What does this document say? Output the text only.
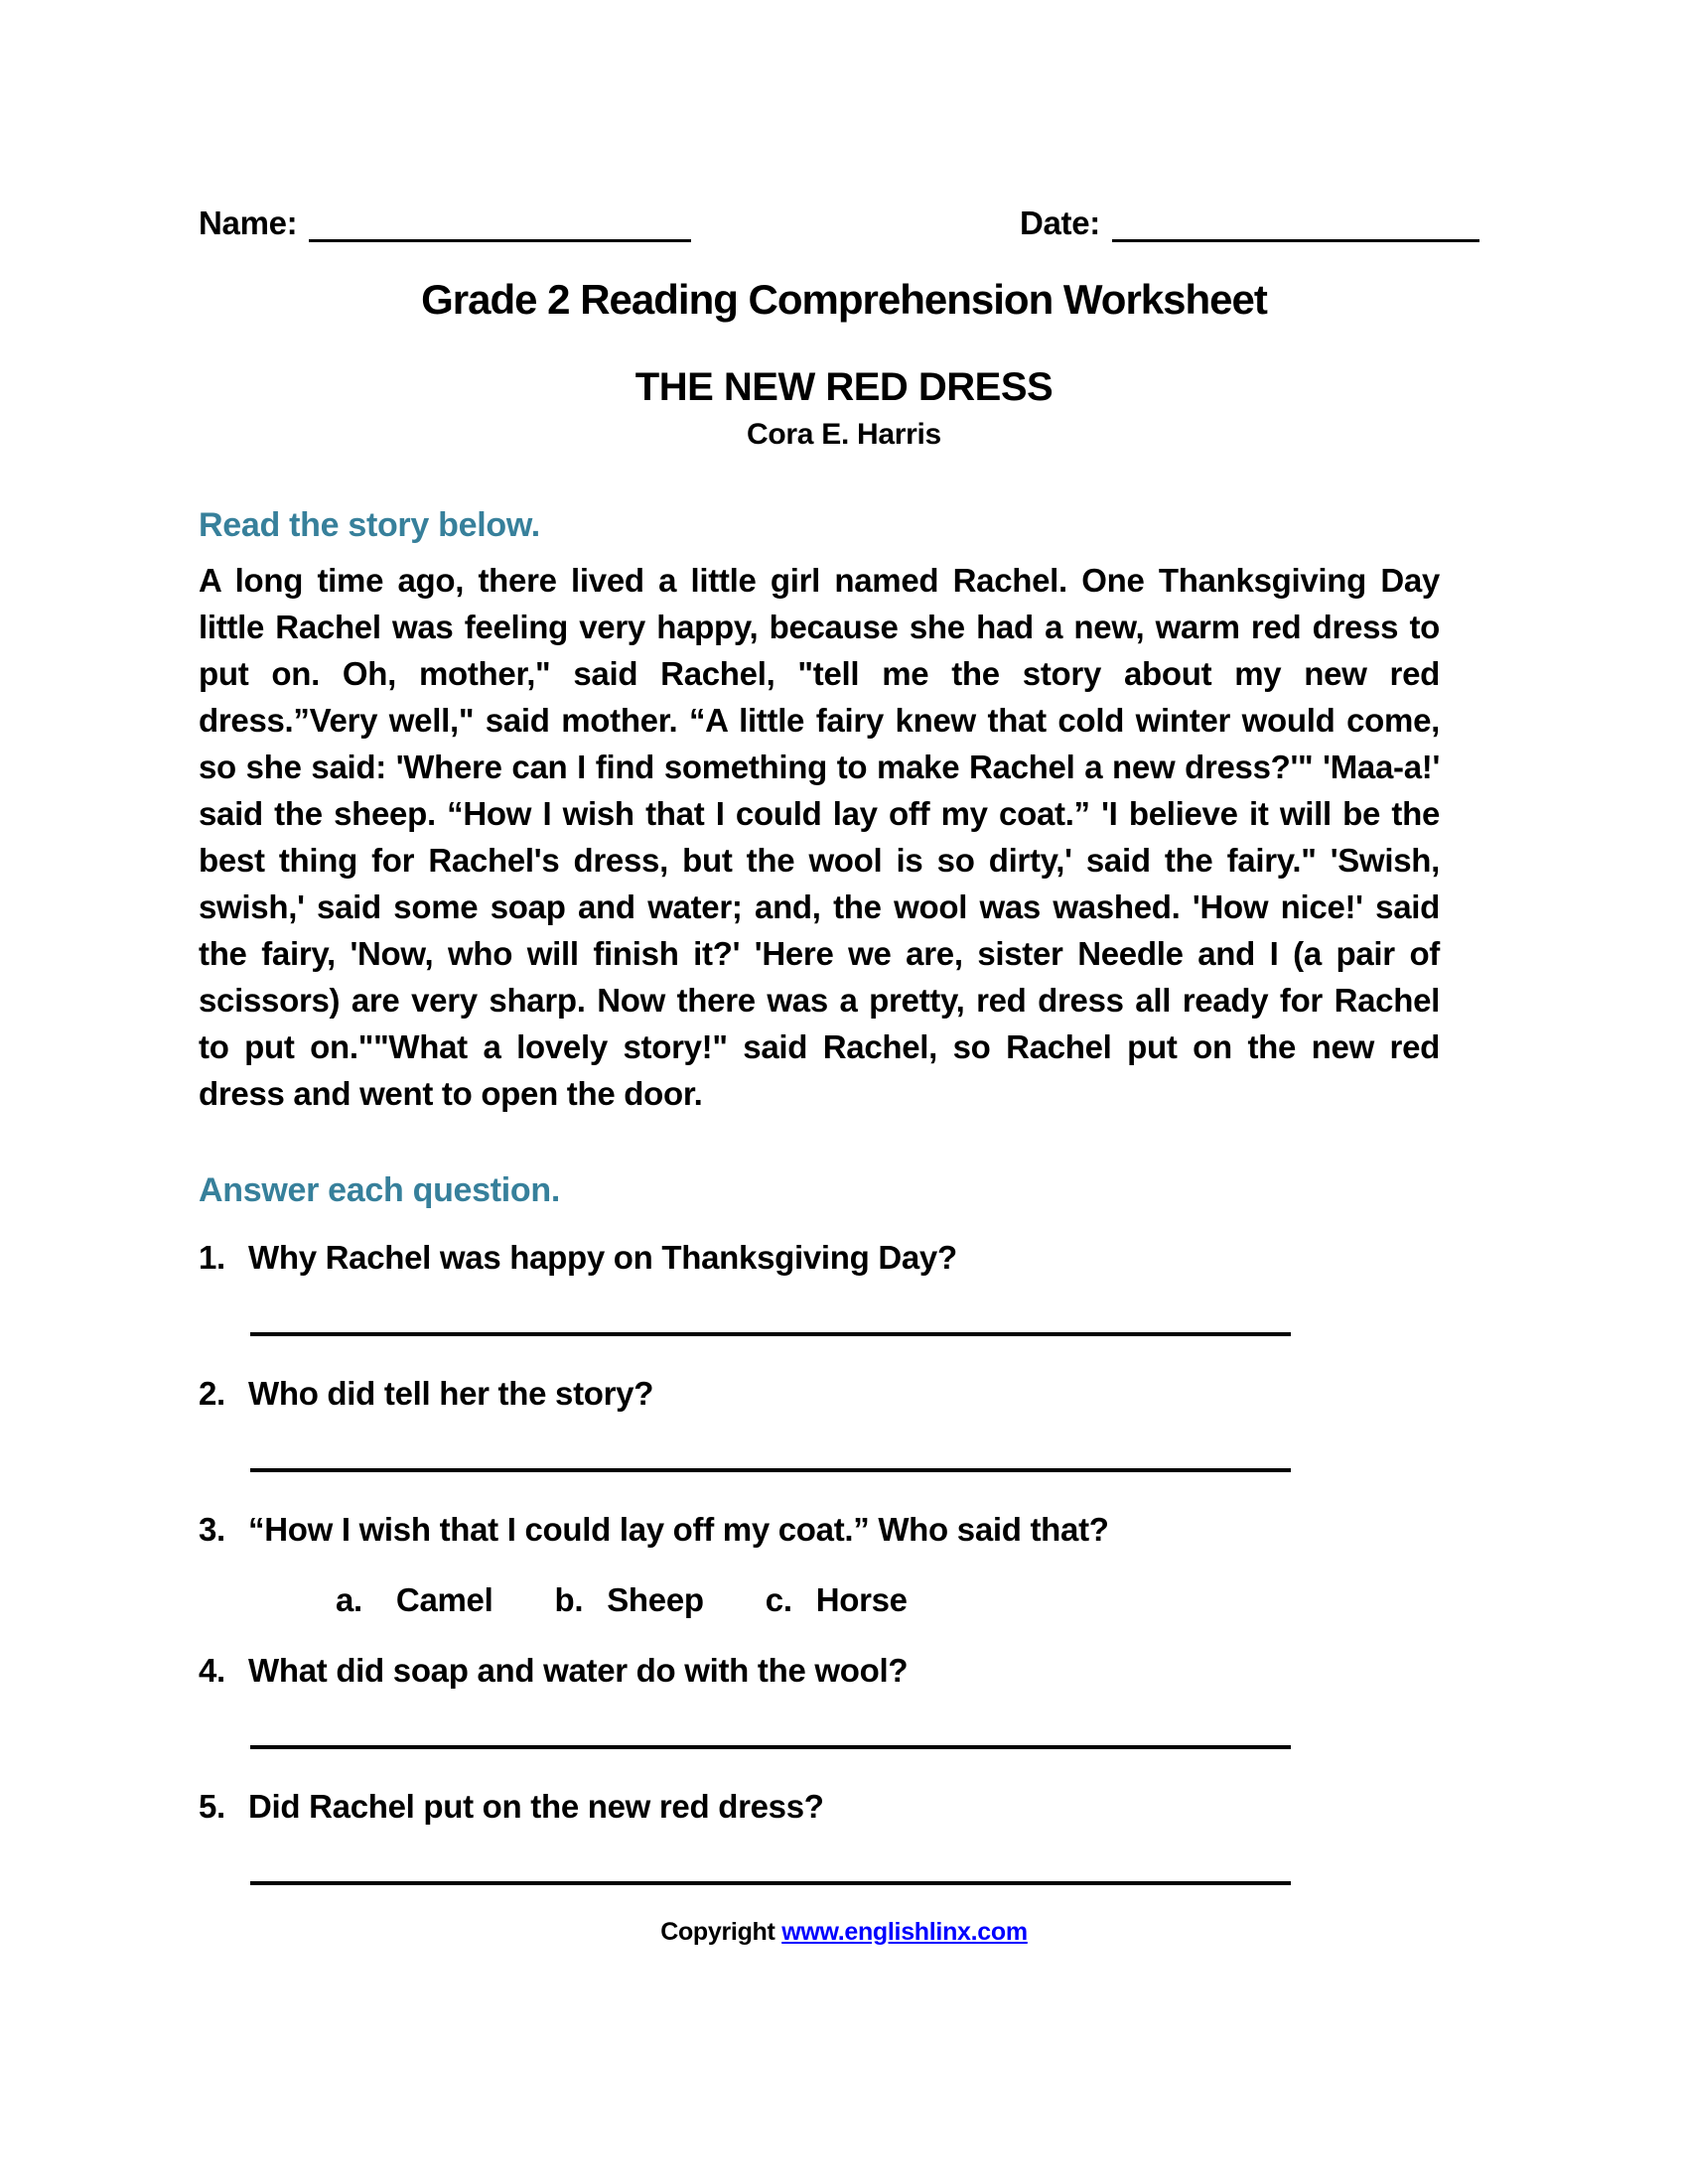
Name:	Date:
Grade 2 Reading Comprehension Worksheet
THE NEW RED DRESS
Cora E. Harris
Read the story below.
A long time ago, there lived a little girl named Rachel. One Thanksgiving Day little Rachel was feeling very happy, because she had a new, warm red dress to put on. Oh, mother," said Rachel, "tell me the story about my new red dress.”Very well," said mother. “A little fairy knew that cold winter would come, so she said: 'Where can I find something to make Rachel a new dress?'" 'Maa-a!' said the sheep. “How I wish that I could lay off my coat.” 'I believe it will be the best thing for Rachel's dress, but the wool is so dirty,' said the fairy." 'Swish, swish,' said some soap and water; and, the wool was washed. 'How nice!' said the fairy, 'Now, who will finish it?' 'Here we are, sister Needle and I (a pair of scissors) are very sharp. Now there was a pretty, red dress all ready for Rachel to put on.""What a lovely story!" said Rachel, so Rachel put on the new red dress and went to open the door.
Answer each question.
1. Why Rachel was happy on Thanksgiving Day?
2. Who did tell her the story?
3. “How I wish that I could lay off my coat.” Who said that?
a. Camel b. Sheep c. Horse
4. What did soap and water do with the wool?
5. Did Rachel put on the new red dress?
Copyright www.englishlinx.com
